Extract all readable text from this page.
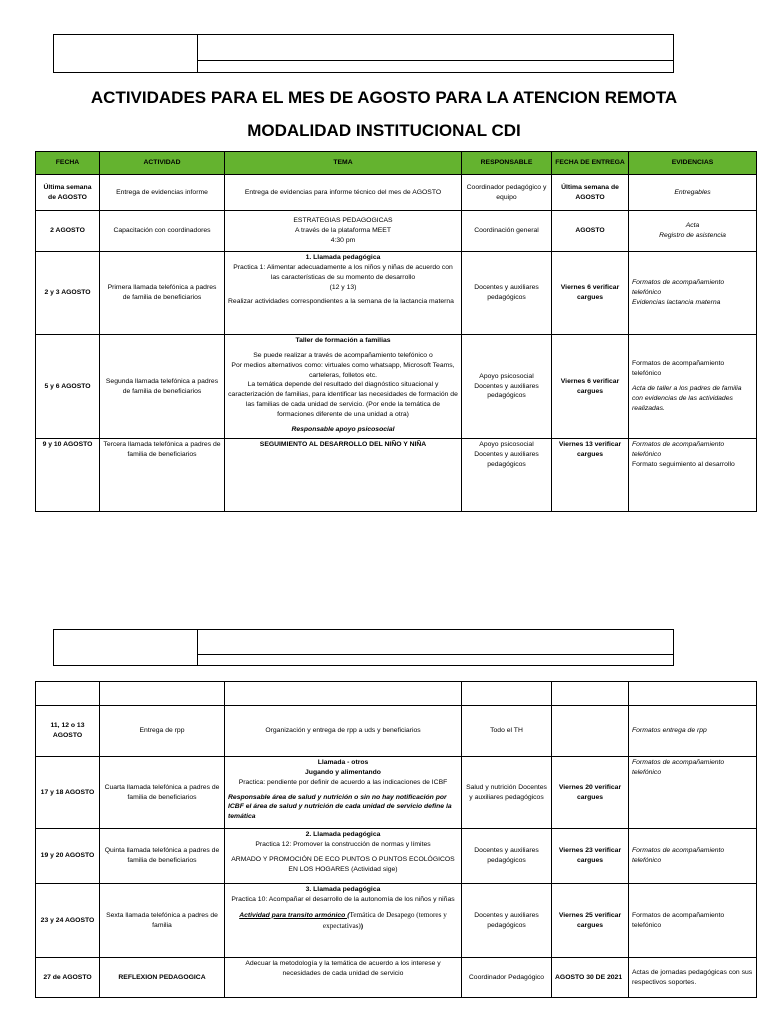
ACTIVIDADES PARA EL MES DE AGOSTO PARA LA ATENCION REMOTA
MODALIDAD INSTITUCIONAL CDI
FECHA	ACTIVIDAD	TEMA	RESPONSABLE	FECHA DE ENTREGA	EVIDENCIAS
Última semana de AGOSTO	Entrega de evidencias informe	Entrega de evidencias para informe técnico del mes de AGOSTO	Coordinador pedagógico y equipo	Última semana de AGOSTO	Entregables
2 AGOSTO	Capacitación con coordinadores	ESTRATEGIAS PEDAGOGICAS
A través de la plataforma MEET
4:30 pm	Coordinación general	AGOSTO	Acta
Registro de asistencia

2 y 3 AGOSTO	Primera llamada telefónica a padres de familia de beneficiarios	1. Llamada pedagógica
Practica 1: Alimentar adecuadamente a los niños y niñas de acuerdo con las características de su momento de desarrollo
(12 y 13)
Realizar actividades correspondientes a la semana de la lactancia materna	Docentes y auxiliares pedagógicos	Viernes 6 verificar cargues	Formatos de acompañamiento telefónico
Evidencias lactancia materna

5 y 6 AGOSTO	Segunda llamada telefónica a padres de familia de beneficiarios	Taller de formación a familias
Se puede realizar a través de acompañamiento telefónico o
Por medios alternativos como: virtuales como whatsapp, Microsoft Teams, carteleras, folletos etc.
La temática depende del resultado del diagnóstico situacional y caracterización de familias, para identificar las necesidades de formación de las familias de cada unidad de servicio. (Por ende la temática de formaciones diferente de una unidad a otra)
Responsable apoyo psicosocial	Apoyo psicosocial Docentes y auxiliares pedagógicos	Viernes 6 verificar cargues	Formatos de acompañamiento telefónico
Acta de taller a los padres de familia con evidencias de las actividades realizadas.

9 y 10 AGOSTO	Tercera llamada telefónica a padres de familia de beneficiarios	SEGUIMIENTO AL DESARROLLO DEL NIÑO Y NIÑA	Apoyo psicosocial Docentes y auxiliares pedagógicos	Viernes 13 verificar cargues	Formatos de acompañamiento telefónico
Formato seguimiento al desarrollo

11, 12 o 13 AGOSTO	Entrega de rpp	Organización y entrega de rpp a uds y beneficiarios	Todo el TH		Formatos entrega de rpp
17 y 18 AGOSTO	Cuarta llamada telefónica a padres de familia de beneficiarios	Llamada - otros
Jugando y alimentando
Practica: pendiente por definir de acuerdo a las indicaciones de ICBF
Responsable área de salud y nutrición o sin no hay notificación por ICBF el área de salud y nutrición de cada unidad de servicio define la temática	Salud y nutrición Docentes y auxiliares pedagógicos	Viernes 20 verificar cargues	Formatos de acompañamiento telefónico
19 y 20 AGOSTO	Quinta llamada telefónica a padres de familia de beneficiarios	2. Llamada pedagógica
Practica 12: Promover la construcción de normas y límites
ARMADO Y PROMOCIÓN DE ECO PUNTOS O PUNTOS ECOLÓGICOS EN LOS HOGARES (Actividad sige)	Docentes y auxiliares pedagógicos	Viernes 23 verificar cargues	Formatos de acompañamiento telefónico
23 y 24 AGOSTO	Sexta llamada telefónica a padres de familia	3. Llamada pedagógica
Practica 10: Acompañar el desarrollo de la autonomía de los niños y niñas
Actividad para transito armónico (Temática de Desapego (temores y expectativas))	Docentes y auxiliares pedagógicos	Viernes 25 verificar cargues	Formatos de acompañamiento telefónico
27 de AGOSTO	REFLEXION PEDAGOGICA	Adecuar la metodología y la temática de acuerdo a los interese y necesidades de cada unidad de servicio	Coordinador Pedagógico	AGOSTO 30 DE 2021	Actas de jornadas pedagógicas con sus respectivos soportes.
